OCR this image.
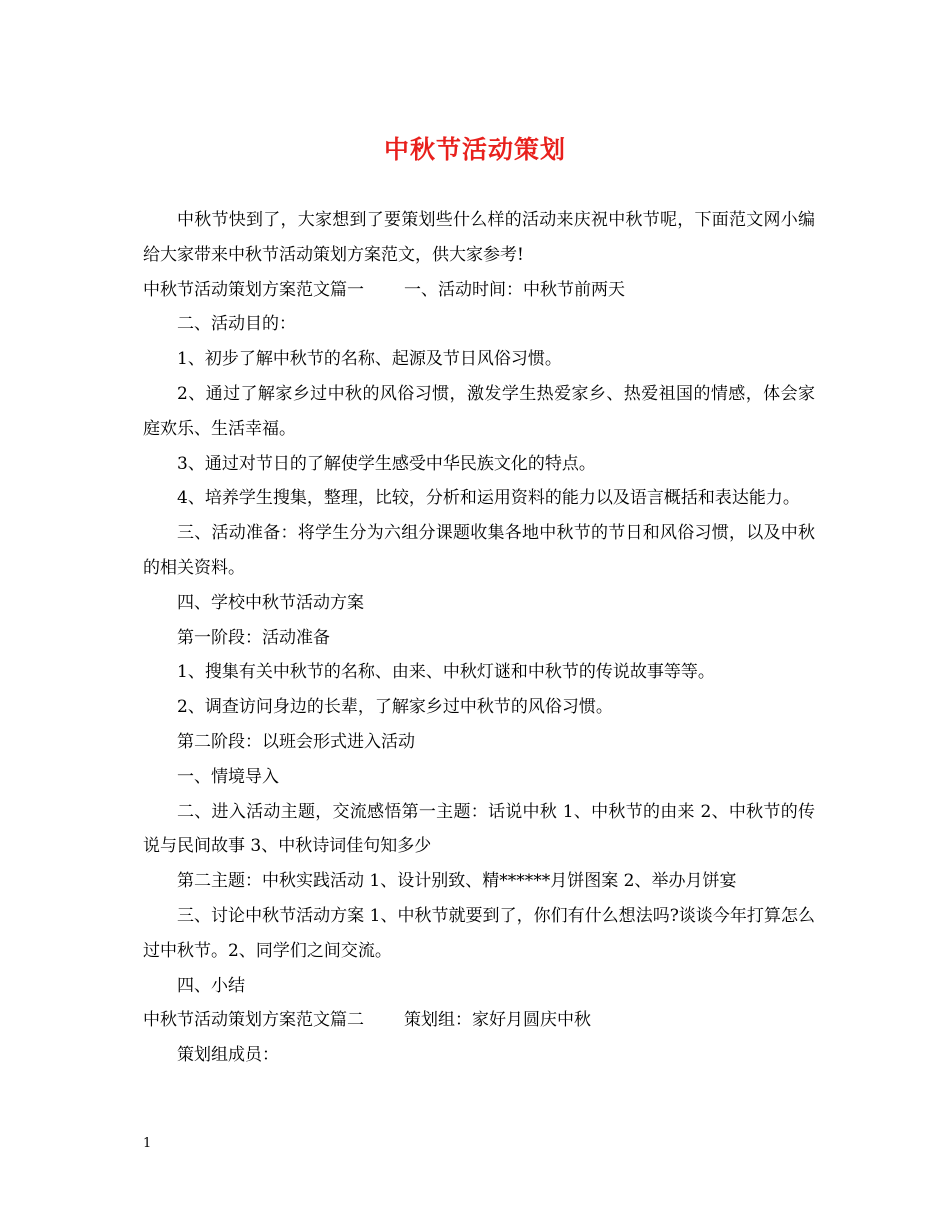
中秋节活动策划

中秋节快到了，大家想到了要策划些什么样的活动来庆祝中秋节呢，下面范文网小编给大家带来中秋节活动策划方案范文，供大家参考!

中秋节活动策划方案范文篇一 一、活动时间：中秋节前两天

二、活动目的：

1、初步了解中秋节的名称、起源及节日风俗习惯。

2、通过了解家乡过中秋的风俗习惯，激发学生热爱家乡、热爱祖国的情感，体会家庭欢乐、生活幸福。

3、通过对节日的了解使学生感受中华民族文化的特点。

4、培养学生搜集，整理，比较，分析和运用资料的能力以及语言概括和表达能力。

三、活动准备：将学生分为六组分课题收集各地中秋节的节日和风俗习惯，以及中秋的相关资料。

四、学校中秋节活动方案

第一阶段：活动准备

1、搜集有关中秋节的名称、由来、中秋灯谜和中秋节的传说故事等等。

2、调查访问身边的长辈，了解家乡过中秋节的风俗习惯。

第二阶段：以班会形式进入活动

一、情境导入

二、进入活动主题，交流感悟第一主题：话说中秋 1、中秋节的由来 2、中秋节的传说与民间故事 3、中秋诗词佳句知多少

第二主题：中秋实践活动 1、设计别致、精******月饼图案 2、举办月饼宴

三、讨论中秋节活动方案 1、中秋节就要到了，你们有什么想法吗?谈谈今年打算怎么过中秋节。2、同学们之间交流。

四、小结

中秋节活动策划方案范文篇二 策划组：家好月圆庆中秋

策划组成员：

1
